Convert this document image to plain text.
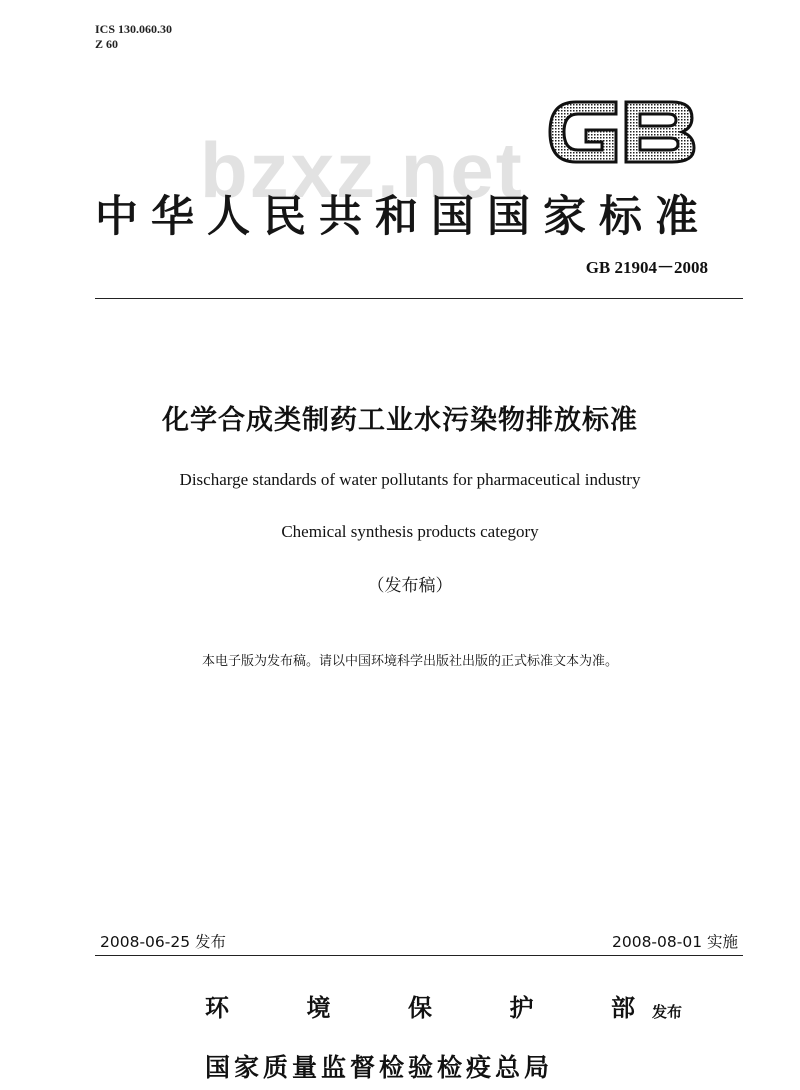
ICS 130.060.30
Z 60
bzxz.net
中华人民共和国国家标准
GB 21904－2008
化学合成类制药工业水污染物排放标准
Discharge standards of water pollutants for pharmaceutical industry
Chemical synthesis products category
（发布稿）
本电子版为发布稿。请以中国环境科学出版社出版的正式标准文本为准。
2008-06-25 发布	2008-08-01 实施
环	境	保	护	部 发布
国家质量监督检验检疫总局
